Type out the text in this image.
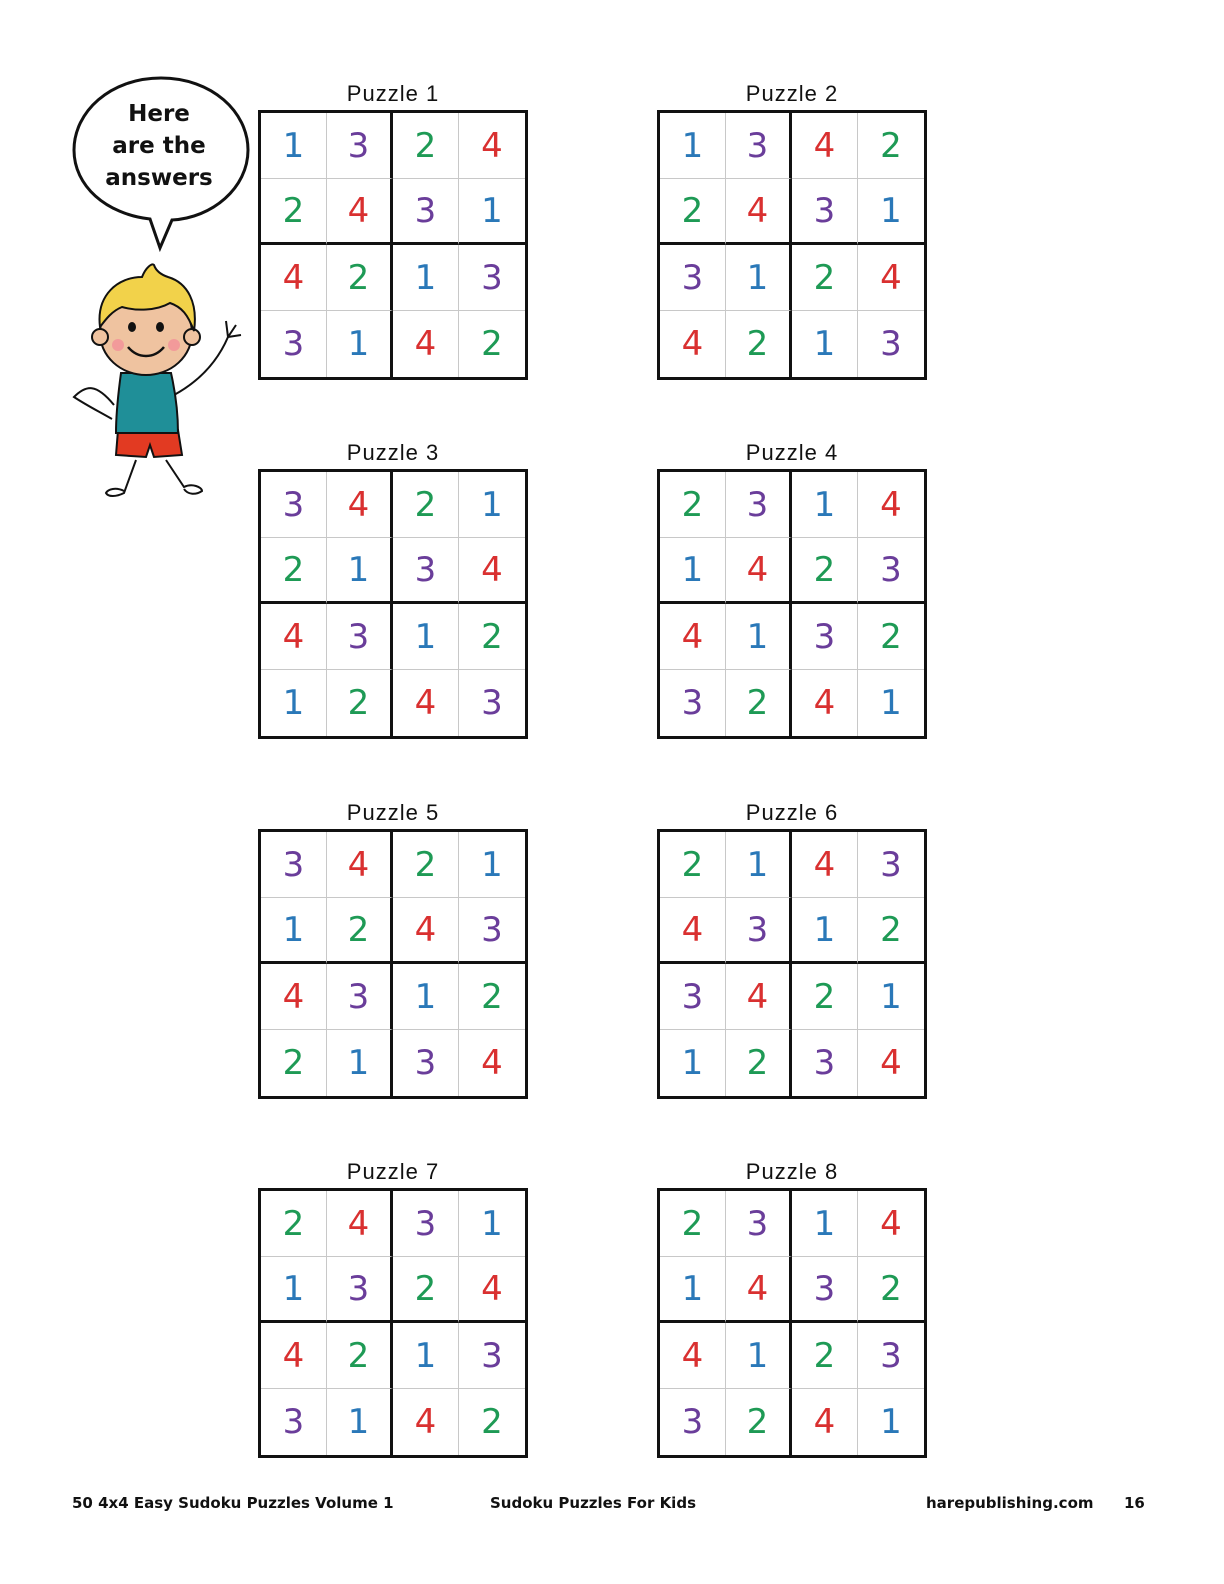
Here
are the
answers
Puzzle 1
1	3	2	4
2	4	3	1
4	2	1	3
3	1	4	2
Puzzle 2
1	3	4	2
2	4	3	1
3	1	2	4
4	2	1	3
Puzzle 3
3	4	2	1
2	1	3	4
4	3	1	2
1	2	4	3
Puzzle 4
2	3	1	4
1	4	2	3
4	1	3	2
3	2	4	1
Puzzle 5
3	4	2	1
1	2	4	3
4	3	1	2
2	1	3	4
Puzzle 6
2	1	4	3
4	3	1	2
3	4	2	1
1	2	3	4
Puzzle 7
2	4	3	1
1	3	2	4
4	2	1	3
3	1	4	2
Puzzle 8
2	3	1	4
1	4	3	2
4	1	2	3
3	2	4	1
50 4x4 Easy Sudoku Puzzles Volume 1	Sudoku Puzzles For Kids	harepublishing.com 16
